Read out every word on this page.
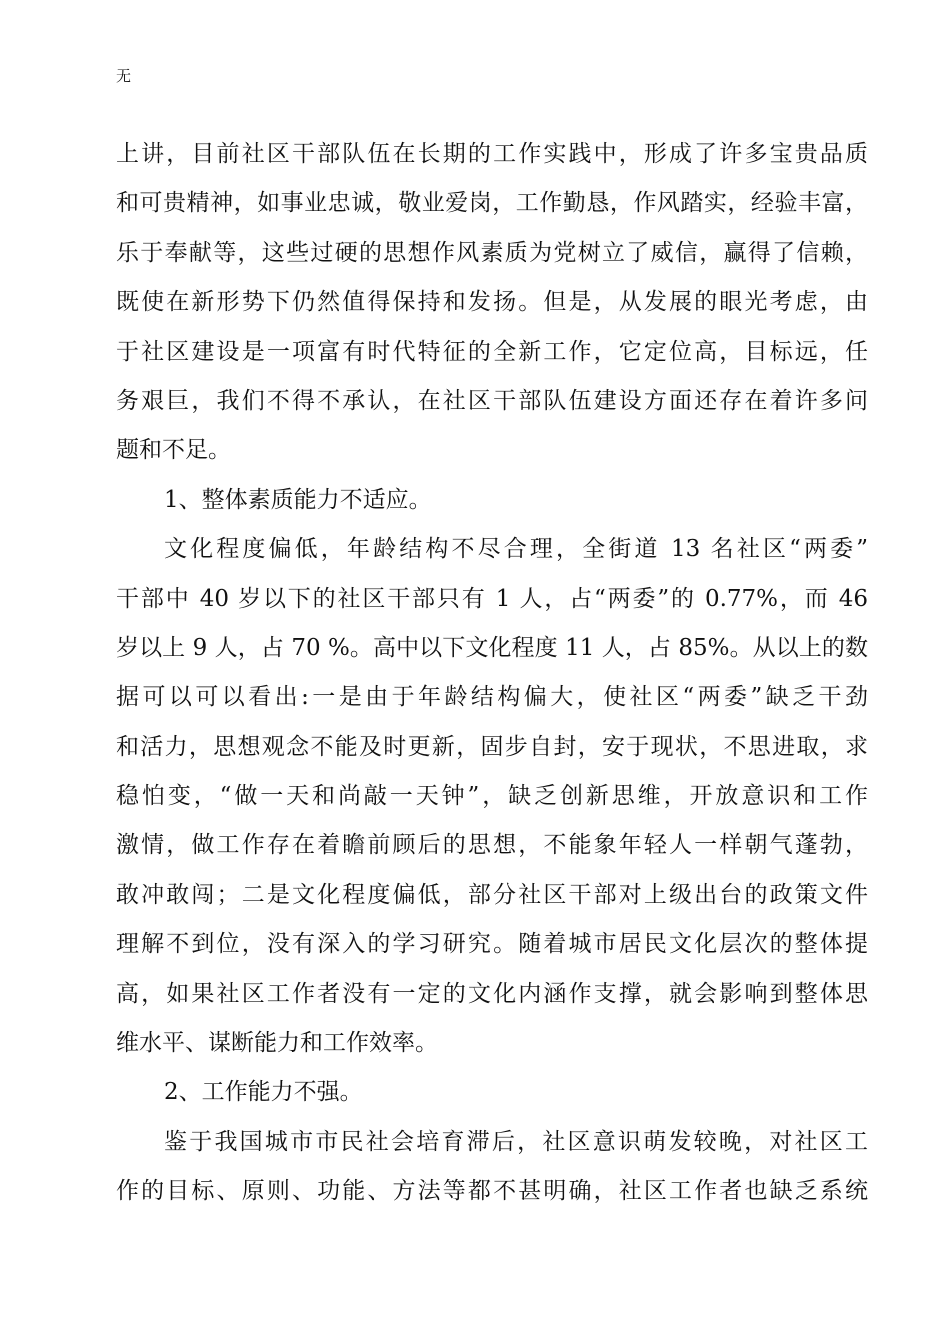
无
上讲，目前社区干部队伍在长期的工作实践中，形成了许多宝贵品质
和可贵精神，如事业忠诚，敬业爱岗，工作勤恳，作风踏实，经验丰富，
乐于奉献等，这些过硬的思想作风素质为党树立了威信，赢得了信赖，
既使在新形势下仍然值得保持和发扬。但是，从发展的眼光考虑，由
于社区建设是一项富有时代特征的全新工作，它定位高，目标远，任
务艰巨，我们不得不承认，在社区干部队伍建设方面还存在着许多问
题和不足。
1、整体素质能力不适应。
文化程度偏低，年龄结构不尽合理，全街道 13 名社区“两委”
干部中 40 岁以下的社区干部只有 1 人，占“两委”的 0.77%，而 46
岁以上 9 人，占 70 %。高中以下文化程度 11 人，占 85%。从以上的数
据可以可以看出:一是由于年龄结构偏大，使社区“两委”缺乏干劲
和活力，思想观念不能及时更新，固步自封，安于现状，不思进取，求
稳怕变，“做一天和尚敲一天钟”，缺乏创新思维，开放意识和工作
激情，做工作存在着瞻前顾后的思想，不能象年轻人一样朝气蓬勃，
敢冲敢闯；二是文化程度偏低，部分社区干部对上级出台的政策文件
理解不到位，没有深入的学习研究。随着城市居民文化层次的整体提
高，如果社区工作者没有一定的文化内涵作支撑，就会影响到整体思
维水平、谋断能力和工作效率。
2、工作能力不强。
鉴于我国城市市民社会培育滞后，社区意识萌发较晚，对社区工
作的目标、原则、功能、方法等都不甚明确，社区工作者也缺乏系统
